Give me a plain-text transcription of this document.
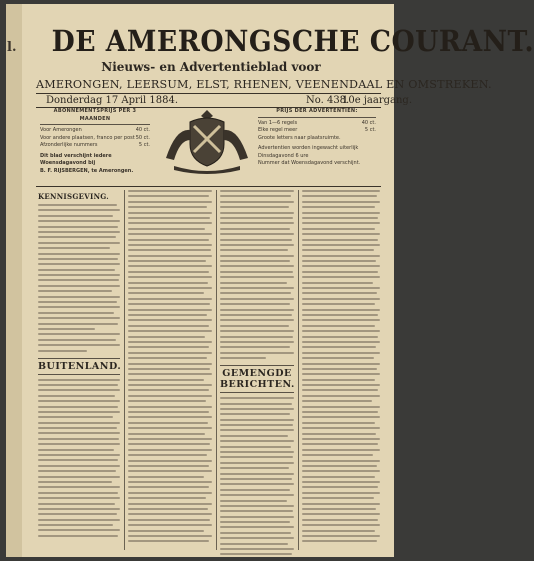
l. DE AMERONGSCHE COURANT.
Nieuws- en Advertentieblad voor
AMERONGEN, LEERSUM, ELST, RHENEN, VEENENDAAL EN OMSTREKEN.
Donderdag 17 April 1884.	No. 438.
10e jaargang.
ABONNEMENTSPRIJS PER 3 MAANDEN
Voor Amerongen	40 ct.
Voor andere plaatsen, franco per post 50 ct.
Afzonderlijke nummers	5 ct.
Dit blad verschijnt iedere Woensdagavond bij
B. F. RIJSBERGEN, te Amerongen.
PRIJS DER ADVERTENTIEN:
Van 1—6 regels	40 ct.
Elke regel meer	5 ct.
Groote letters naar plaatsruimte.
Advertentien worden ingewacht uiterlijk Dinsdagavond 6 ure
Nummer dat Woensdagavond verschijnt.
KENNISGEVING.
BUITENLAND.
GEMENGDE BERICHTEN.
